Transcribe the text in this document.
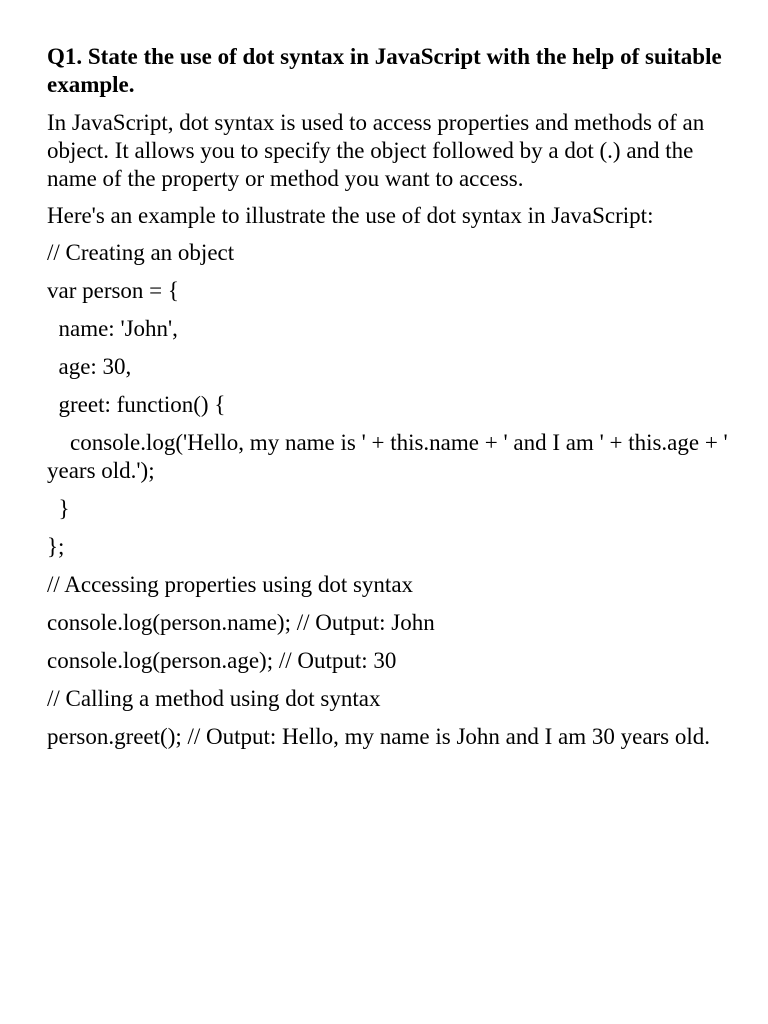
Q1. State the use of dot syntax in JavaScript with the help of suitable example.
In JavaScript, dot syntax is used to access properties and methods of an object. It allows you to specify the object followed by a dot (.) and the name of the property or method you want to access.
Here's an example to illustrate the use of dot syntax in JavaScript:
// Creating an object
var person = {
name: 'John',
age: 30,
greet: function() {
console.log('Hello, my name is ' + this.name + ' and I am ' + this.age + ' years old.');
}
};
// Accessing properties using dot syntax
console.log(person.name); // Output: John
console.log(person.age); // Output: 30
// Calling a method using dot syntax
person.greet(); // Output: Hello, my name is John and I am 30 years old.
